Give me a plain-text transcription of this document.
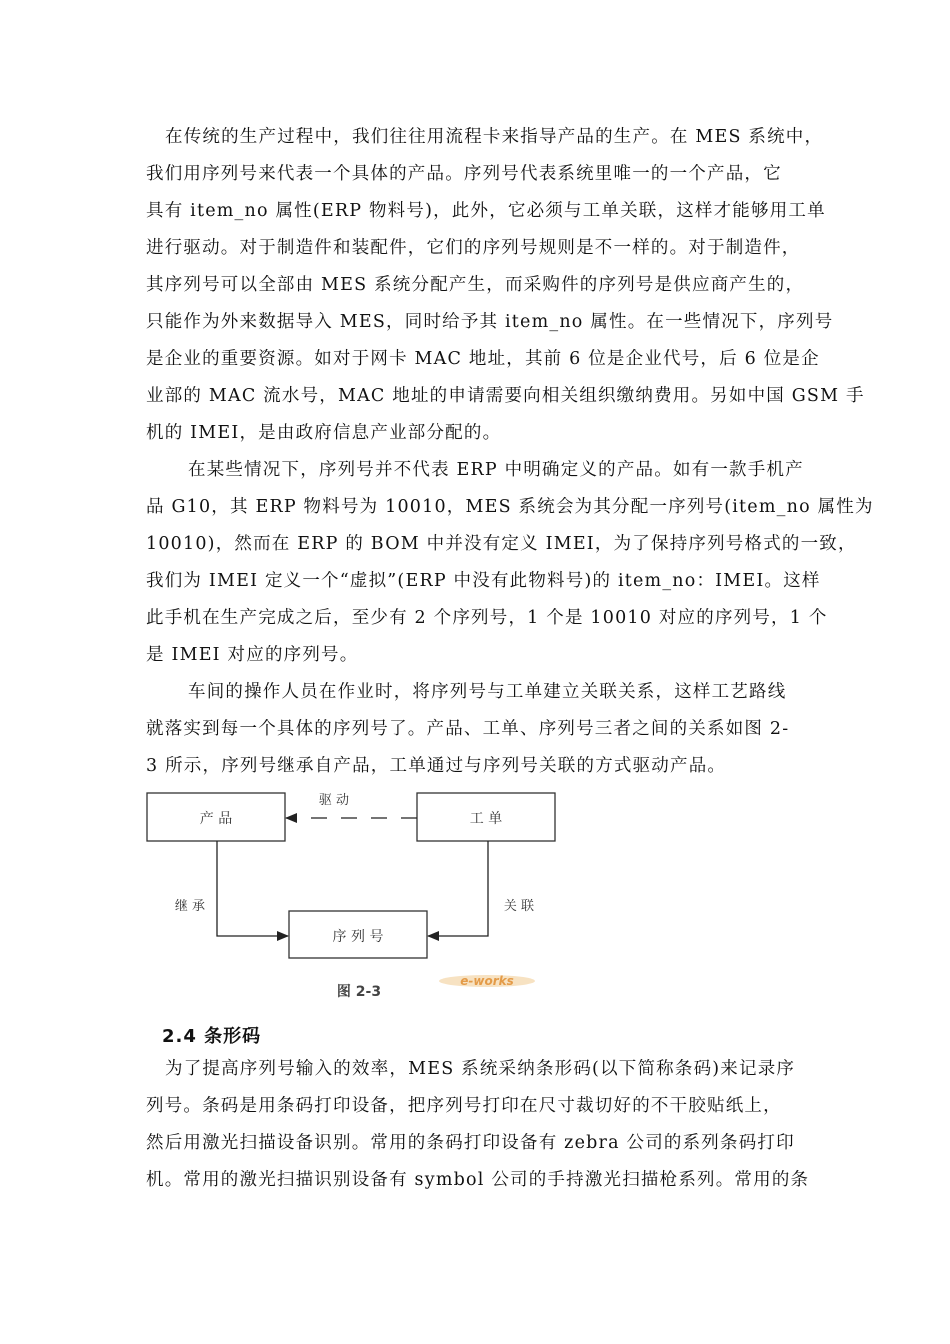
在传统的生产过程中，我们往往用流程卡来指导产品的生产。在 MES 系统中，
我们用序列号来代表一个具体的产品。序列号代表系统里唯一的一个产品，它
具有 item_no 属性(ERP 物料号)，此外，它必须与工单关联，这样才能够用工单
进行驱动。对于制造件和装配件，它们的序列号规则是不一样的。对于制造件，
其序列号可以全部由 MES 系统分配产生，而采购件的序列号是供应商产生的，
只能作为外来数据导入 MES，同时给予其 item_no 属性。在一些情况下，序列号
是企业的重要资源。如对于网卡 MAC 地址，其前 6 位是企业代号，后 6 位是企
业部的 MAC 流水号，MAC 地址的申请需要向相关组织缴纳费用。另如中国 GSM 手
机的 IMEI，是由政府信息产业部分配的。
在某些情况下，序列号并不代表 ERP 中明确定义的产品。如有一款手机产
品 G10，其 ERP 物料号为 10010，MES 系统会为其分配一序列号(item_no 属性为
10010)，然而在 ERP 的 BOM 中并没有定义 IMEI，为了保持序列号格式的一致，
我们为 IMEI 定义一个“虚拟”(ERP 中没有此物料号)的 item_no：IMEI。这样
此手机在生产完成之后，至少有 2 个序列号，1 个是 10010 对应的序列号，1 个
是 IMEI 对应的序列号。
车间的操作人员在作业时，将序列号与工单建立关联关系，这样工艺路线
就落实到每一个具体的序列号了。产品、工单、序列号三者之间的关系如图 2-
3 所示，序列号继承自产品，工单通过与序列号关联的方式驱动产品。
产 品	工 单
序 列 号
驱 动
继 承	关 联
图 2-3
e-works
2.4 条形码
为了提高序列号输入的效率，MES 系统采纳条形码(以下简称条码)来记录序
列号。条码是用条码打印设备，把序列号打印在尺寸裁切好的不干胶贴纸上，
然后用激光扫描设备识别。常用的条码打印设备有 zebra 公司的系列条码打印
机。常用的激光扫描识别设备有 symbol 公司的手持激光扫描枪系列。常用的条
